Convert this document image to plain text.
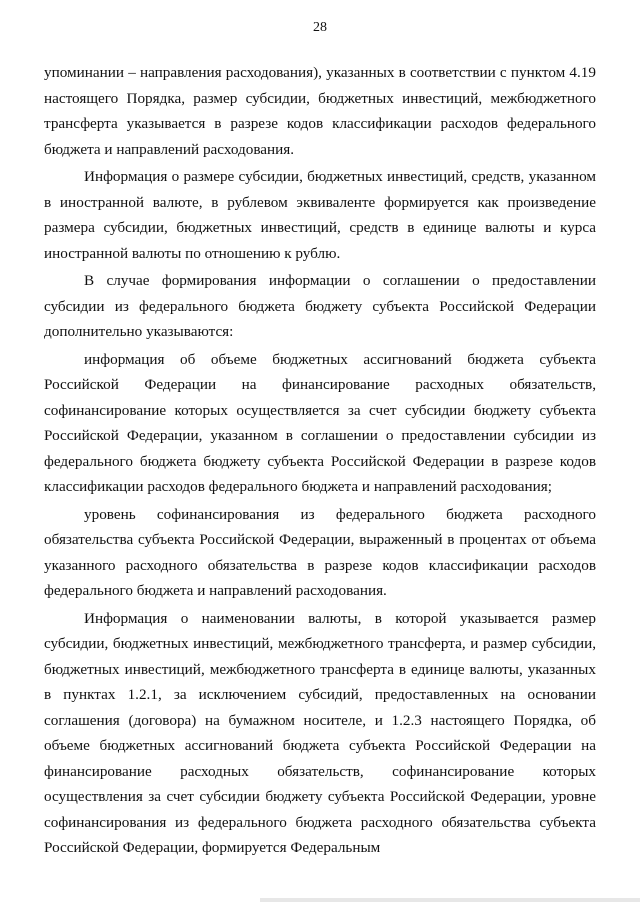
28

упоминании – направления расходования), указанных в соответствии с пунктом 4.19 настоящего Порядка, размер субсидии, бюджетных инвестиций, межбюджетного трансферта указывается в разрезе кодов классификации расходов федерального бюджета и направлений расходования.

Информация о размере субсидии, бюджетных инвестиций, средств, указанном в иностранной валюте, в рублевом эквиваленте формируется как произведение размера субсидии, бюджетных инвестиций, средств в единице валюты и курса иностранной валюты по отношению к рублю.

В случае формирования информации о соглашении о предоставлении субсидии из федерального бюджета бюджету субъекта Российской Федерации дополнительно указываются:

информация об объеме бюджетных ассигнований бюджета субъекта Российской Федерации на финансирование расходных обязательств, софинансирование которых осуществляется за счет субсидии бюджету субъекта Российской Федерации, указанном в соглашении о предоставлении субсидии из федерального бюджета бюджету субъекта Российской Федерации в разрезе кодов классификации расходов федерального бюджета и направлений расходования;

уровень софинансирования из федерального бюджета расходного обязательства субъекта Российской Федерации, выраженный в процентах от объема указанного расходного обязательства в разрезе кодов классификации расходов федерального бюджета и направлений расходования.

Информация о наименовании валюты, в которой указывается размер субсидии, бюджетных инвестиций, межбюджетного трансферта, и размер субсидии, бюджетных инвестиций, межбюджетного трансферта в единице валюты, указанных в пунктах 1.2.1, за исключением субсидий, предоставленных на основании соглашения (договора) на бумажном носителе, и 1.2.3 настоящего Порядка, об объеме бюджетных ассигнований бюджета субъекта Российской Федерации на финансирование расходных обязательств, софинансирование которых осуществления за счет субсидии бюджету субъекта Российской Федерации, уровне софинансирования из федерального бюджета расходного обязательства субъекта Российской Федерации, формируется Федеральным
